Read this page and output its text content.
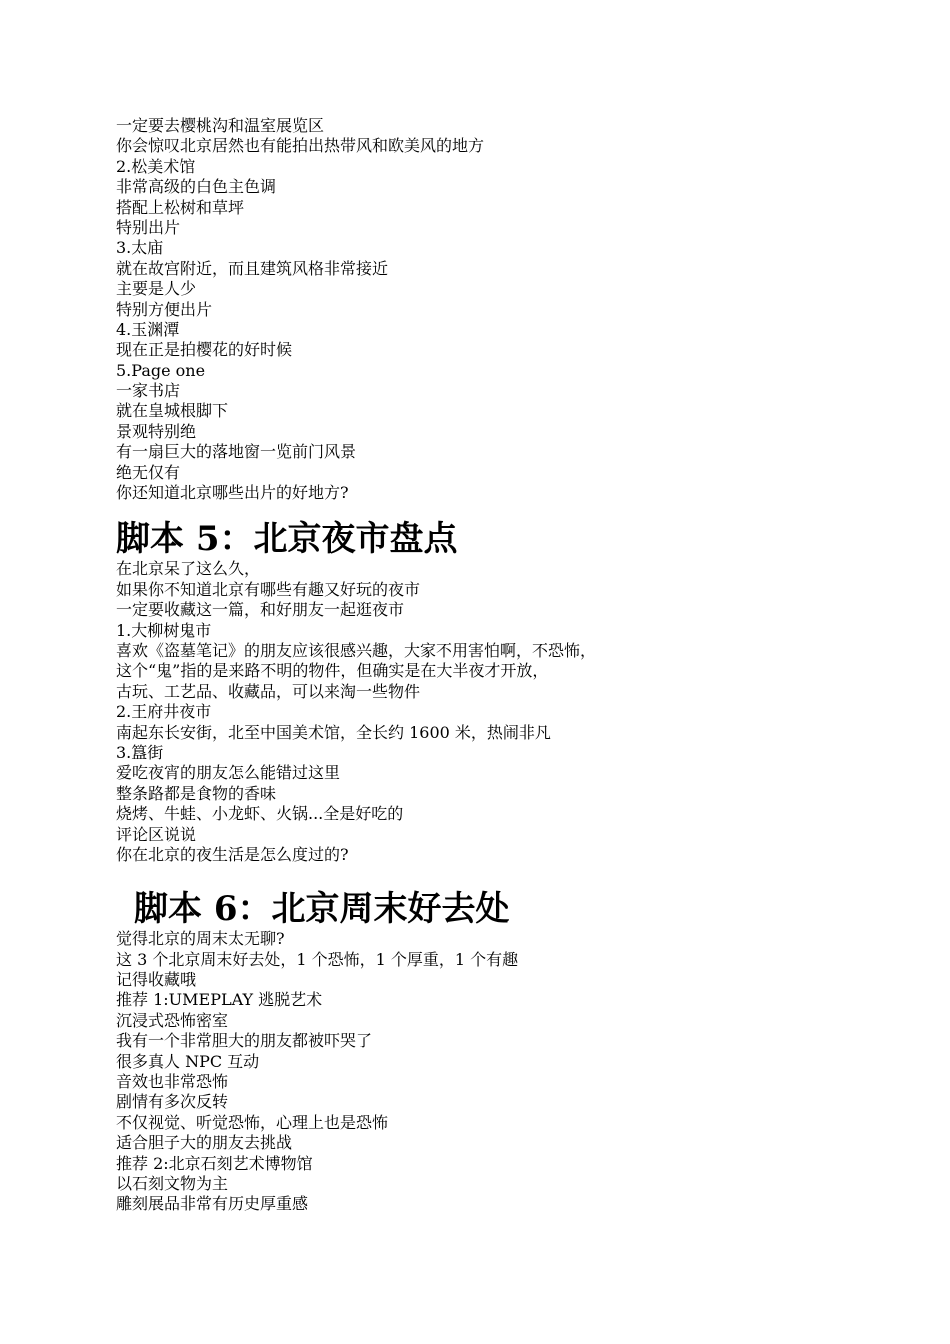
一定要去樱桃沟和温室展览区
你会惊叹北京居然也有能拍出热带风和欧美风的地方
2.松美术馆
非常高级的白色主色调
搭配上松树和草坪
特别出片
3.太庙
就在故宫附近，而且建筑风格非常接近
主要是人少
特别方便出片
4.玉渊潭
现在正是拍樱花的好时候
5.Page one
一家书店
就在皇城根脚下
景观特别绝
有一扇巨大的落地窗一览前门风景
绝无仅有
你还知道北京哪些出片的好地方?
脚本 5：北京夜市盘点
在北京呆了这么久，
如果你不知道北京有哪些有趣又好玩的夜市
一定要收藏这一篇，和好朋友一起逛夜市
1.大柳树鬼市
喜欢《盗墓笔记》的朋友应该很感兴趣，大家不用害怕啊，不恐怖，
这个“鬼”指的是来路不明的物件，但确实是在大半夜才开放，
古玩、工艺品、收藏品，可以来淘一些物件
2.王府井夜市
南起东长安街，北至中国美术馆，全长约 1600 米，热闹非凡
3.簋街
爱吃夜宵的朋友怎么能错过这里
整条路都是食物的香味
烧烤、牛蛙、小龙虾、火锅...全是好吃的
评论区说说
你在北京的夜生活是怎么度过的?
脚本 6：北京周末好去处
觉得北京的周末太无聊?
这 3 个北京周末好去处，1 个恐怖，1 个厚重，1 个有趣
记得收藏哦
推荐 1:UMEPLAY 逃脱艺术
沉浸式恐怖密室
我有一个非常胆大的朋友都被吓哭了
很多真人 NPC 互动
音效也非常恐怖
剧情有多次反转
不仅视觉、听觉恐怖，心理上也是恐怖
适合胆子大的朋友去挑战
推荐 2:北京石刻艺术博物馆
以石刻文物为主
雕刻展品非常有历史厚重感
